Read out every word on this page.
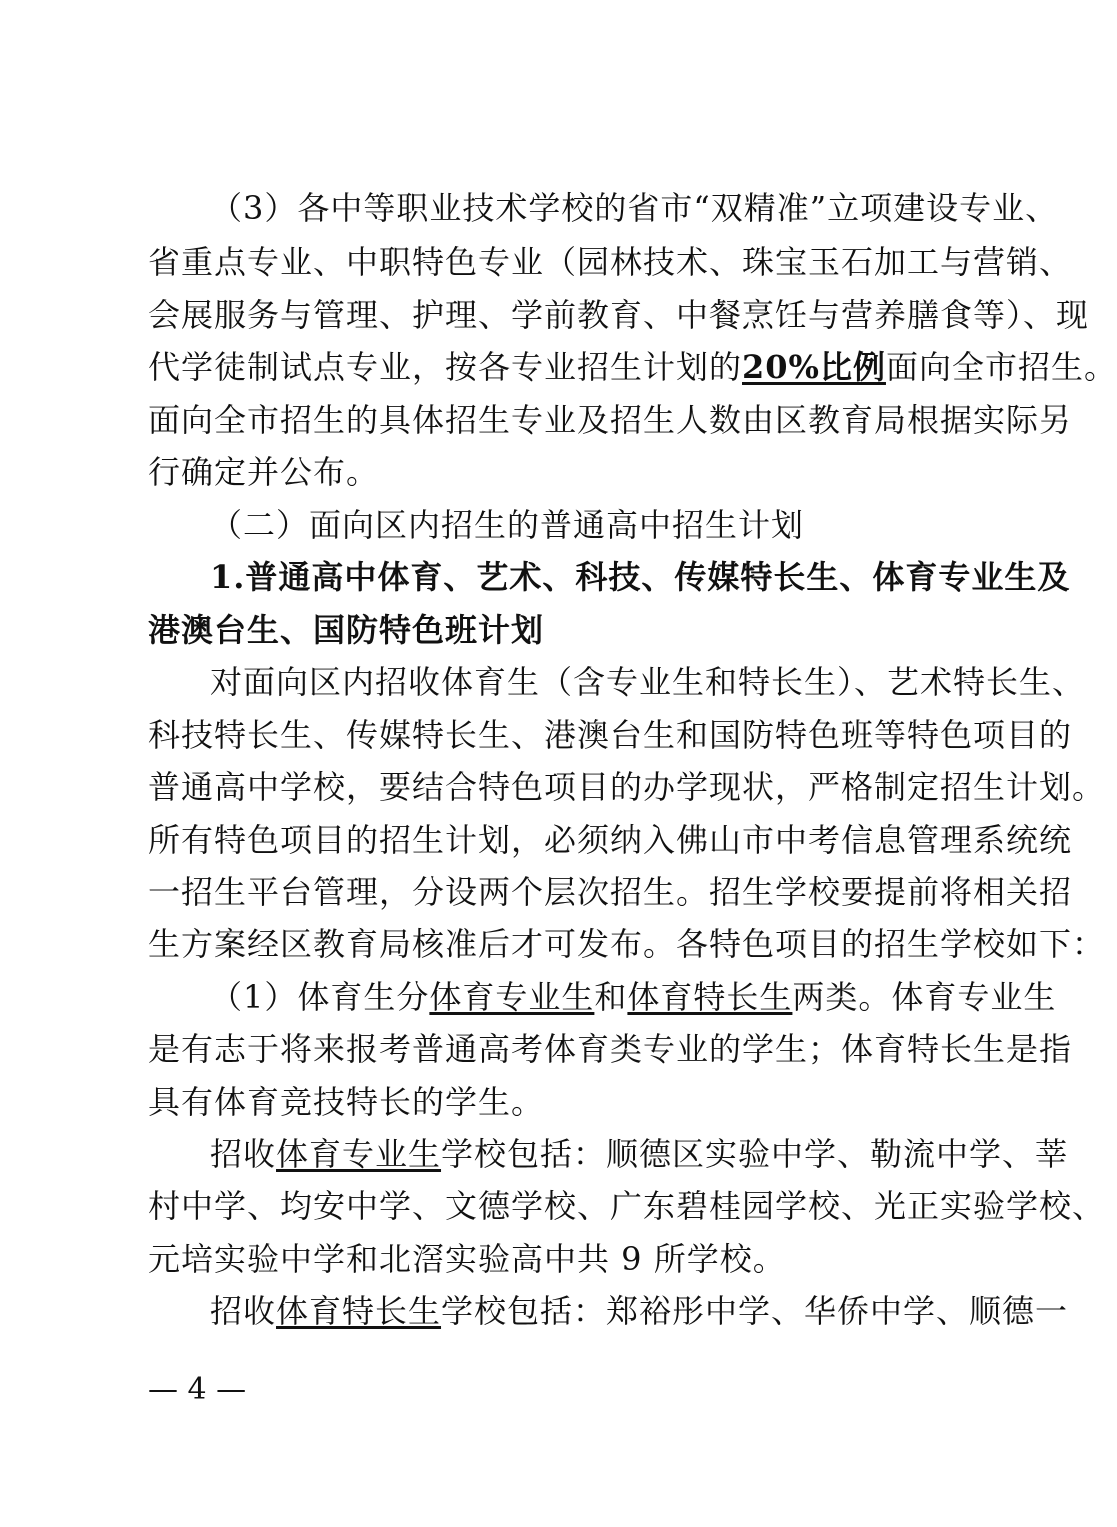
（3）各中等职业技术学校的省市“双精准”立项建设专业、
省重点专业、中职特色专业（园林技术、珠宝玉石加工与营销、
会展服务与管理、护理、学前教育、中餐烹饪与营养膳食等）、现
代学徒制试点专业，按各专业招生计划的20%比例面向全市招生。
面向全市招生的具体招生专业及招生人数由区教育局根据实际另
行确定并公布。
（二）面向区内招生的普通高中招生计划
1.普通高中体育、艺术、科技、传媒特长生、体育专业生及
港澳台生、国防特色班计划
对面向区内招收体育生（含专业生和特长生）、艺术特长生、
科技特长生、传媒特长生、港澳台生和国防特色班等特色项目的
普通高中学校，要结合特色项目的办学现状，严格制定招生计划。
所有特色项目的招生计划，必须纳入佛山市中考信息管理系统统
一招生平台管理，分设两个层次招生。招生学校要提前将相关招
生方案经区教育局核准后才可发布。各特色项目的招生学校如下：
（1）体育生分体育专业生和体育特长生两类。体育专业生
是有志于将来报考普通高考体育类专业的学生；体育特长生是指
具有体育竞技特长的学生。
招收体育专业生学校包括：顺德区实验中学、勒流中学、莘
村中学、均安中学、文德学校、广东碧桂园学校、光正实验学校、
元培实验中学和北滘实验高中共 9 所学校。
招收体育特长生学校包括：郑裕彤中学、华侨中学、顺德一
— 4 —
